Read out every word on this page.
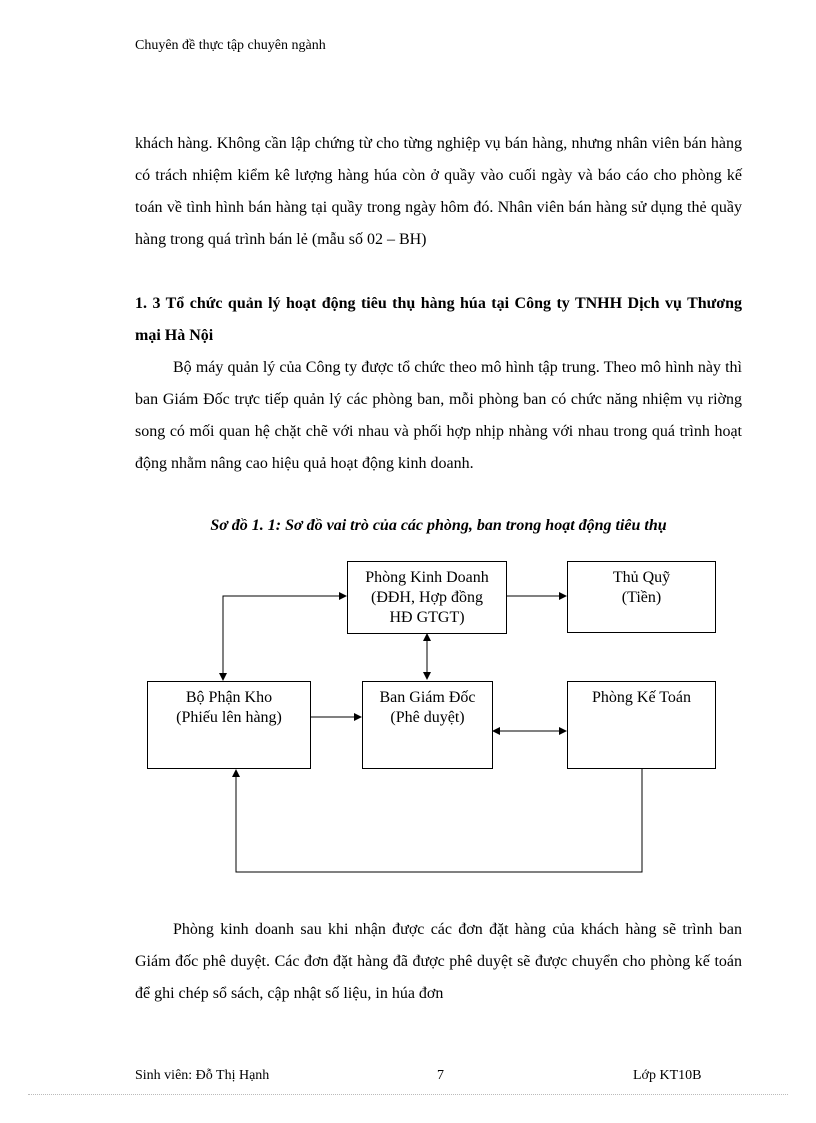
Chuyên đề thực tập chuyên ngành

khách hàng. Không cần lập chứng từ cho từng nghiệp vụ bán hàng, nhưng nhân viên bán hàng có trách nhiệm kiểm kê lượng hàng húa còn ở quầy vào cuối ngày và báo cáo cho phòng kế toán về tình hình bán hàng tại quầy trong ngày hôm đó. Nhân viên bán hàng sử dụng thẻ quầy hàng trong quá trình bán lẻ (mẫu số 02 – BH)

1. 3 Tổ chức quản lý hoạt động tiêu thụ hàng húa tại Công ty TNHH Dịch vụ Thương mại Hà Nội

Bộ máy quản lý của Công ty được tổ chức theo mô hình tập trung. Theo mô hình này thì ban Giám Đốc trực tiếp quản lý các phòng ban, mỗi phòng ban có chức năng nhiệm vụ riờng song có mối quan hệ chặt chẽ với nhau và phối hợp nhịp nhàng với nhau trong quá trình hoạt động nhằm nâng cao hiệu quả hoạt động kinh doanh.

Sơ đồ 1. 1: Sơ đồ vai trò của các phòng, ban trong hoạt động tiêu thụ
Phòng Kinh Doanh
(ĐĐH, Hợp đồng
HĐ GTGT)
Thủ Quỹ
(Tiền)
Bộ Phận Kho
(Phiếu lên hàng)
Ban Giám Đốc
(Phê duyệt)
Phòng Kế Toán

Phòng kinh doanh sau khi nhận được các đơn đặt hàng của khách hàng sẽ trình ban Giám đốc phê duyệt. Các đơn đặt hàng đã được phê duyệt sẽ được chuyển cho phòng kế toán để ghi chép sổ sách, cập nhật số liệu, in húa đơn

Sinh viên: Đỗ Thị Hạnh	7	Lớp KT10B
